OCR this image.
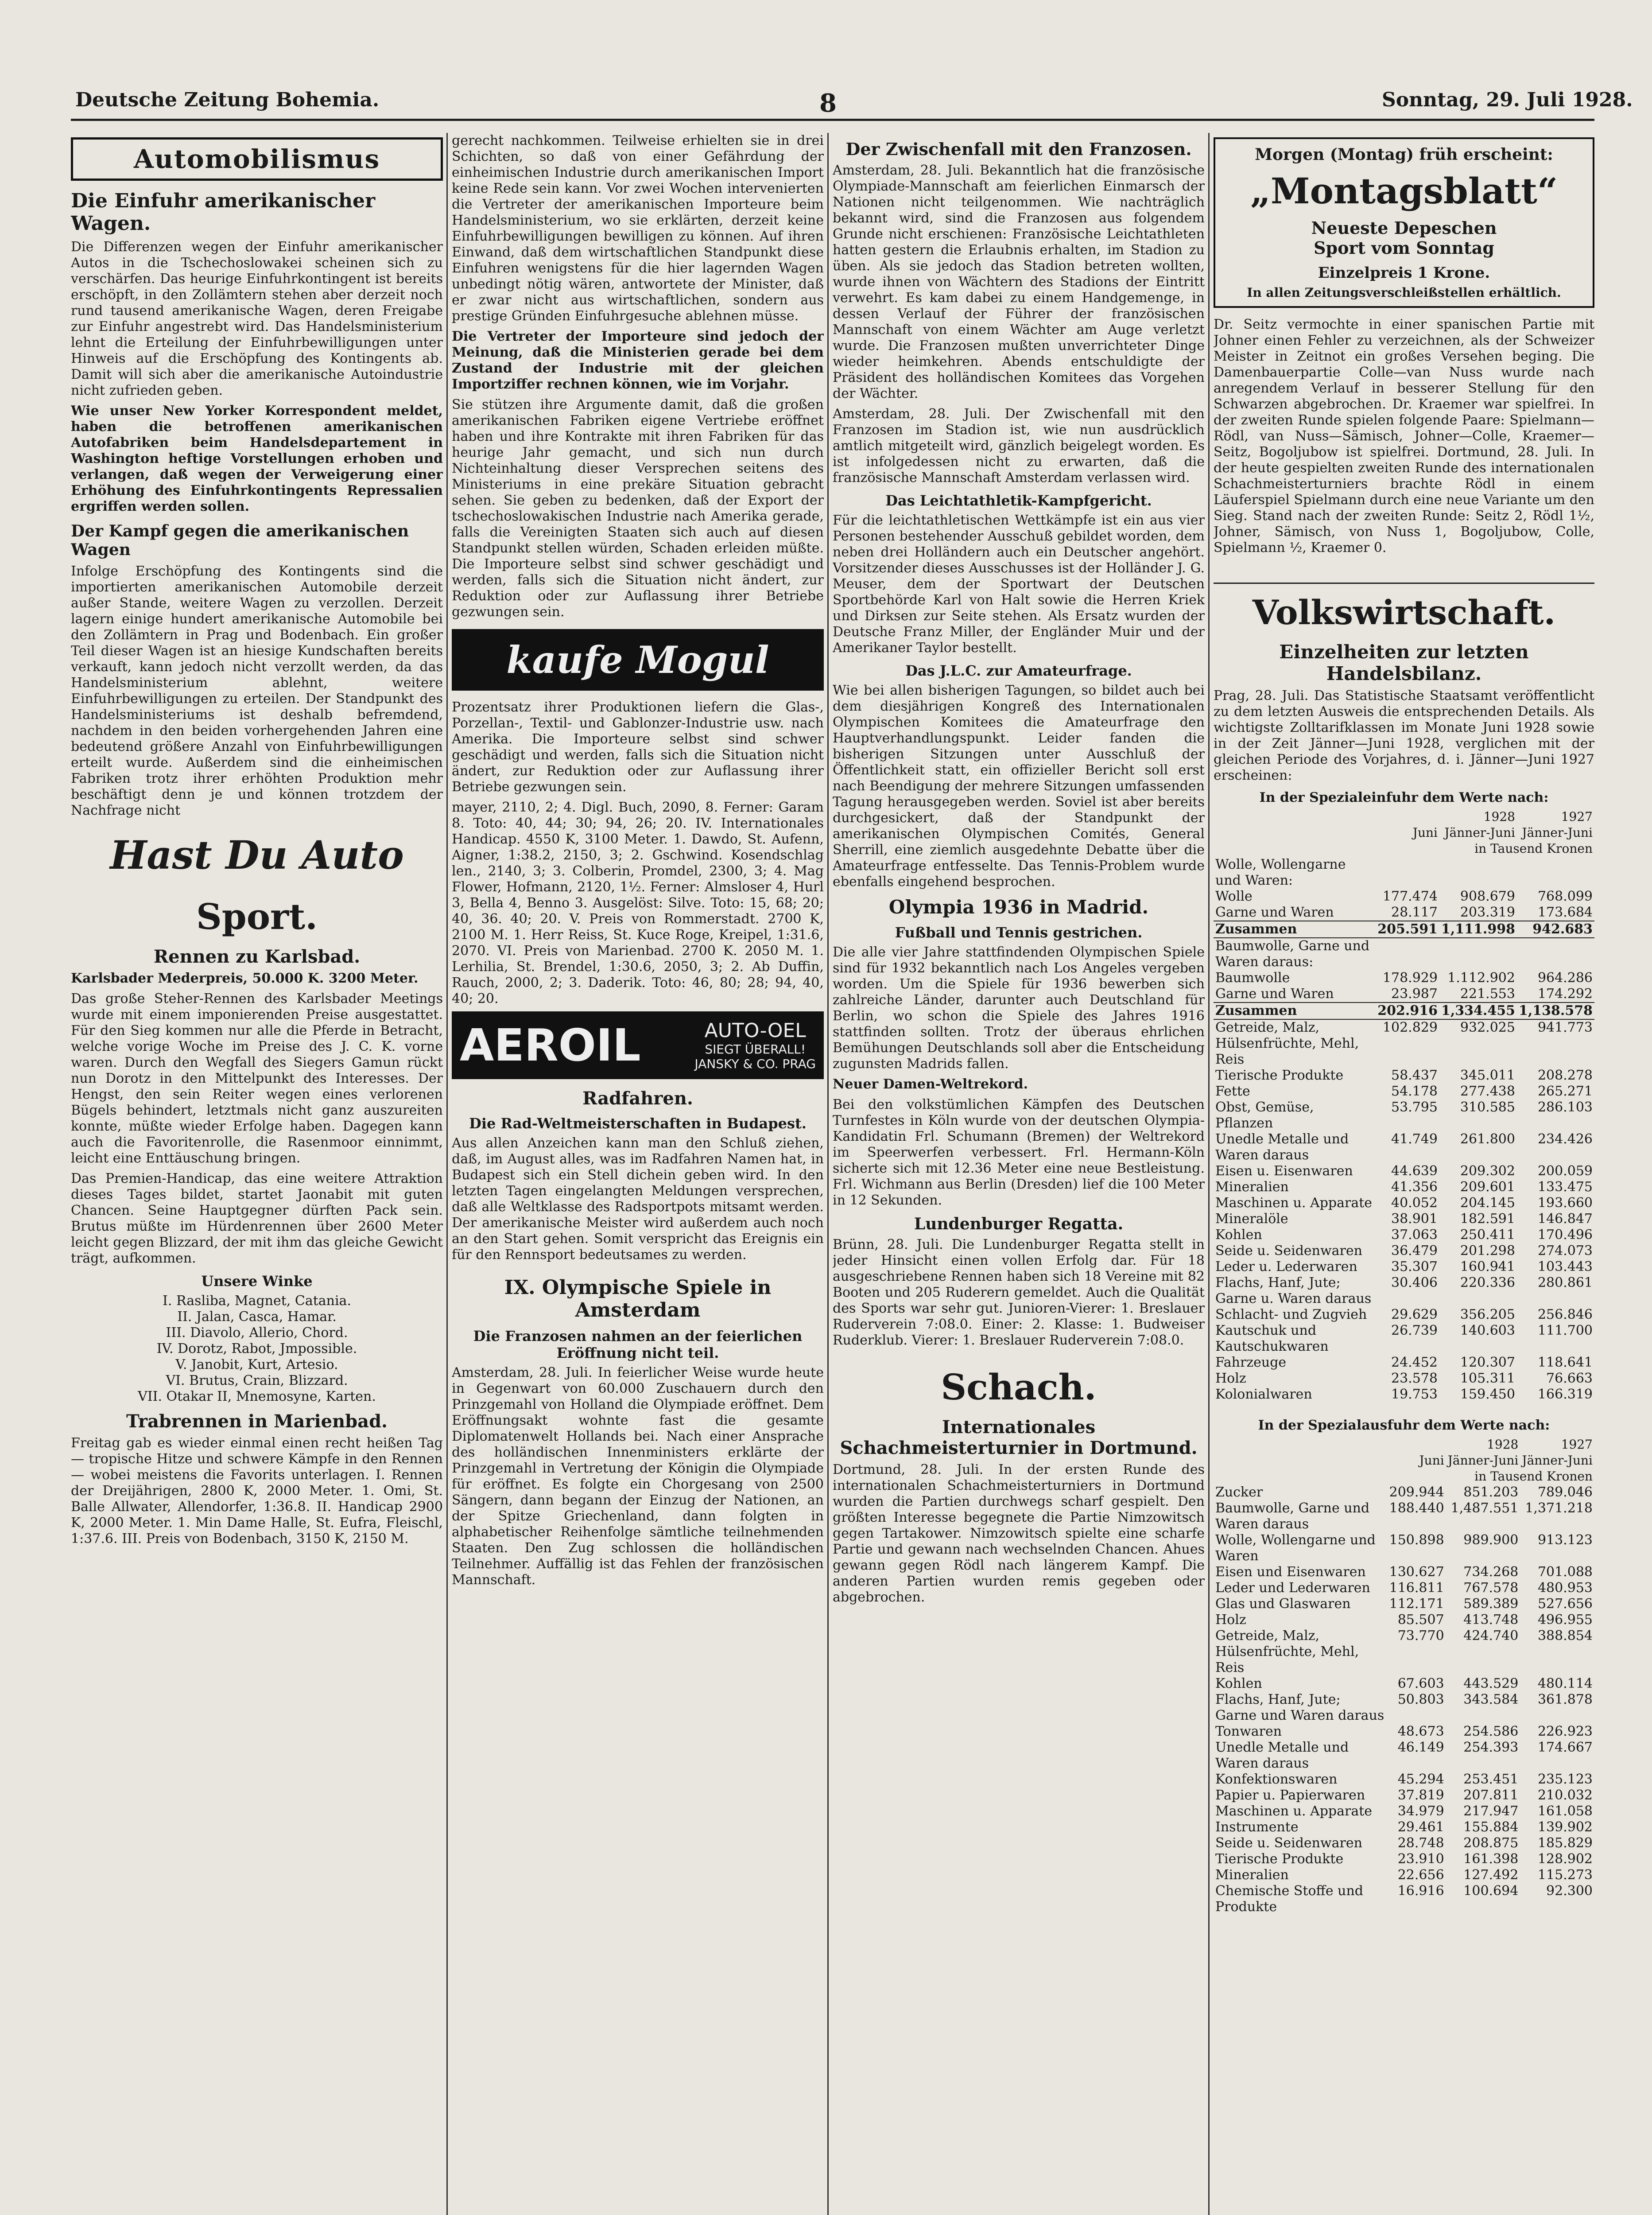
Deutsche Zeitung Bohemia.	8	Sonntag, 29. Juli 1928.
Automobilismus
Die Einfuhr amerikanischer Wagen.

Die Differenzen wegen der Einfuhr amerikanischer Autos in die Tschechoslowakei scheinen sich zu verschärfen. Das heurige Einfuhrkontingent ist bereits erschöpft, in den Zollämtern stehen aber derzeit noch rund tausend amerikanische Wagen, deren Freigabe zur Einfuhr angestrebt wird. Das Handelsministerium lehnt die Erteilung der Einfuhrbewilligungen unter Hinweis auf die Erschöpfung des Kontingents ab. Damit will sich aber die amerikanische Autoindustrie nicht zufrieden geben.

Wie unser New Yorker Korrespondent meldet, haben die betroffenen amerikanischen Autofabriken beim Handelsdepartement in Washington heftige Vorstellungen erhoben und verlangen, daß wegen der Verweigerung einer Erhöhung des Einfuhrkontingents Repressalien ergriffen werden sollen.

Der Kampf gegen die amerikanischen Wagen

Infolge Erschöpfung des Kontingents sind die importierten amerikanischen Automobile derzeit außer Stande, weitere Wagen zu verzollen. Derzeit lagern einige hundert amerikanische Automobile bei den Zollämtern in Prag und Bodenbach. Ein großer Teil dieser Wagen ist an hiesige Kundschaften bereits verkauft, kann jedoch nicht verzollt werden, da das Handelsministerium ablehnt, weitere Einfuhrbewilligungen zu erteilen. Der Standpunkt des Handelsministeriums ist deshalb befremdend, nachdem in den beiden vorhergehenden Jahren eine bedeutend größere Anzahl von Einfuhrbewilligungen erteilt wurde. Außerdem sind die einheimischen Fabriken trotz ihrer erhöhten Produktion mehr beschäftigt denn je und können trotzdem der Nachfrage nicht

Hast Du Auto
Sport.
Rennen zu Karlsbad.

Karlsbader Mederpreis, 50.000 K. 3200 Meter.

Das große Steher-Rennen des Karlsbader Meetings wurde mit einem imponierenden Preise ausgestattet. Für den Sieg kommen nur alle die Pferde in Betracht, welche vorige Woche im Preise des J. C. K. vorne waren. Durch den Wegfall des Siegers Gamun rückt nun Dorotz in den Mittelpunkt des Interesses. Der Hengst, den sein Reiter wegen eines verlorenen Bügels behindert, letztmals nicht ganz auszureiten konnte, müßte wieder Erfolge haben. Dagegen kann auch die Favoritenrolle, die Rasenmoor einnimmt, leicht eine Enttäuschung bringen.

Das Premien-Handicap, das eine weitere Attraktion dieses Tages bildet, startet Jaonabit mit guten Chancen. Seine Hauptgegner dürften Pack sein. Brutus müßte im Hürdenrennen über 2600 Meter leicht gegen Blizzard, der mit ihm das gleiche Gewicht trägt, aufkommen.

Unsere Winke
I. Rasliba, Magnet, Catania.
II. Jalan, Casca, Hamar.
III. Diavolo, Allerio, Chord.
IV. Dorotz, Rabot, Jmpossible.
V. Janobit, Kurt, Artesio.
VI. Brutus, Crain, Blizzard.
VII. Otakar II, Mnemosyne, Karten.
Trabrennen in Marienbad.

Freitag gab es wieder einmal einen recht heißen Tag — tropische Hitze und schwere Kämpfe in den Rennen — wobei meistens die Favorits unterlagen. I. Rennen der Dreijährigen, 2800 K, 2000 Meter. 1. Omi, St. Balle Allwater, Allendorfer, 1:36.8. II. Handicap 2900 K, 2000 Meter. 1. Min Dame Halle, St. Eufra, Fleischl, 1:37.6. III. Preis von Bodenbach, 3150 K, 2150 M.

gerecht nachkommen. Teilweise erhielten sie in drei Schichten, so daß von einer Gefährdung der einheimischen Industrie durch amerikanischen Import keine Rede sein kann. Vor zwei Wochen intervenierten die Vertreter der amerikanischen Importeure beim Handelsministerium, wo sie erklärten, derzeit keine Einfuhrbewilligungen bewilligen zu können. Auf ihren Einwand, daß dem wirtschaftlichen Standpunkt diese Einfuhren wenigstens für die hier lagernden Wagen unbedingt nötig wären, antwortete der Minister, daß er zwar nicht aus wirtschaftlichen, sondern aus prestige Gründen Einfuhrgesuche ablehnen müsse.

Die Vertreter der Importeure sind jedoch der Meinung, daß die Ministerien gerade bei dem Zustand der Industrie mit der gleichen Importziffer rechnen können, wie im Vorjahr.

Sie stützen ihre Argumente damit, daß die großen amerikanischen Fabriken eigene Vertriebe eröffnet haben und ihre Kontrakte mit ihren Fabriken für das heurige Jahr gemacht, und sich nun durch Nichteinhaltung dieser Versprechen seitens des Ministeriums in eine prekäre Situation gebracht sehen. Sie geben zu bedenken, daß der Export der tschechoslowakischen Industrie nach Amerika gerade, falls die Vereinigten Staaten sich auch auf diesen Standpunkt stellen würden, Schaden erleiden müßte. Die Importeure selbst sind schwer geschädigt und werden, falls sich die Situation nicht ändert, zur Reduktion oder zur Auflassung ihrer Betriebe gezwungen sein.

kaufe Mogul

Prozentsatz ihrer Produktionen liefern die Glas-, Porzellan-, Textil- und Gablonzer-Industrie usw. nach Amerika. Die Importeure selbst sind schwer geschädigt und werden, falls sich die Situation nicht ändert, zur Reduktion oder zur Auflassung ihrer Betriebe gezwungen sein.

mayer, 2110, 2; 4. Digl. Buch, 2090, 8. Ferner: Garam 8. Toto: 40, 44; 30; 94, 26; 20. IV. Internationales Handicap. 4550 K, 3100 Meter. 1. Dawdo, St. Aufenn, Aigner, 1:38.2, 2150, 3; 2. Gschwind. Kosendschlag len., 2140, 3; 3. Colberin, Promdel, 2300, 3; 4. Mag Flower, Hofmann, 2120, 1½. Ferner: Almsloser 4, Hurl 3, Bella 4, Benno 3. Ausgelöst: Silve. Toto: 15, 68; 20; 40, 36. 40; 20. V. Preis von Rommerstadt. 2700 K, 2100 M. 1. Herr Reiss, St. Kuce Roge, Kreipel, 1:31.6, 2070. VI. Preis von Marienbad. 2700 K. 2050 M. 1. Lerhilia, St. Brendel, 1:30.6, 2050, 3; 2. Ab Duffin, Rauch, 2000, 2; 3. Daderik. Toto: 46, 80; 28; 94, 40, 40; 20.

AEROIL	AUTO-OEL
SIEGT ÜBERALL!
JANSKY & CO. PRAG
Radfahren.
Die Rad-Weltmeisterschaften in Budapest.

Aus allen Anzeichen kann man den Schluß ziehen, daß, im August alles, was im Radfahren Namen hat, in Budapest sich ein Stell dichein geben wird. In den letzten Tagen eingelangten Meldungen versprechen, daß alle Weltklasse des Radsportpots mitsamt werden. Der amerikanische Meister wird außerdem auch noch an den Start gehen. Somit verspricht das Ereignis ein für den Rennsport bedeutsames zu werden.

IX. Olympische Spiele in Amsterdam
Die Franzosen nahmen an der feierlichen Eröffnung nicht teil.

Amsterdam, 28. Juli. In feierlicher Weise wurde heute in Gegenwart von 60.000 Zuschauern durch den Prinzgemahl von Holland die Olympiade eröffnet. Dem Eröffnungsakt wohnte fast die gesamte Diplomatenwelt Hollands bei. Nach einer Ansprache des holländischen Innenministers erklärte der Prinzgemahl in Vertretung der Königin die Olympiade für eröffnet. Es folgte ein Chorgesang von 2500 Sängern, dann begann der Einzug der Nationen, an der Spitze Griechenland, dann folgten in alphabetischer Reihenfolge sämtliche teilnehmenden Staaten. Den Zug schlossen die holländischen Teilnehmer. Auffällig ist das Fehlen der französischen Mannschaft.

Der Zwischenfall mit den Franzosen.

Amsterdam, 28. Juli. Bekanntlich hat die französische Olympiade-Mannschaft am feierlichen Einmarsch der Nationen nicht teilgenommen. Wie nachträglich bekannt wird, sind die Franzosen aus folgendem Grunde nicht erschienen: Französische Leichtathleten hatten gestern die Erlaubnis erhalten, im Stadion zu üben. Als sie jedoch das Stadion betreten wollten, wurde ihnen von Wächtern des Stadions der Eintritt verwehrt. Es kam dabei zu einem Handgemenge, in dessen Verlauf der Führer der französischen Mannschaft von einem Wächter am Auge verletzt wurde. Die Franzosen mußten unverrichteter Dinge wieder heimkehren. Abends entschuldigte der Präsident des holländischen Komitees das Vorgehen der Wächter.

Amsterdam, 28. Juli. Der Zwischenfall mit den Franzosen im Stadion ist, wie nun ausdrücklich amtlich mitgeteilt wird, gänzlich beigelegt worden. Es ist infolgedessen nicht zu erwarten, daß die französische Mannschaft Amsterdam verlassen wird.

Das Leichtathletik-Kampfgericht.

Für die leichtathletischen Wettkämpfe ist ein aus vier Personen bestehender Ausschuß gebildet worden, dem neben drei Holländern auch ein Deutscher angehört. Vorsitzender dieses Ausschusses ist der Holländer J. G. Meuser, dem der Sportwart der Deutschen Sportbehörde Karl von Halt sowie die Herren Kriek und Dirksen zur Seite stehen. Als Ersatz wurden der Deutsche Franz Miller, der Engländer Muir und der Amerikaner Taylor bestellt.

Das J.L.C. zur Amateurfrage.

Wie bei allen bisherigen Tagungen, so bildet auch bei dem diesjährigen Kongreß des Internationalen Olympischen Komitees die Amateurfrage den Hauptverhandlungspunkt. Leider fanden die bisherigen Sitzungen unter Ausschluß der Öffentlichkeit statt, ein offizieller Bericht soll erst nach Beendigung der mehrere Sitzungen umfassenden Tagung herausgegeben werden. Soviel ist aber bereits durchgesickert, daß der Standpunkt der amerikanischen Olympischen Comités, General Sherrill, eine ziemlich ausgedehnte Debatte über die Amateurfrage entfesselte. Das Tennis-Problem wurde ebenfalls eingehend besprochen.

Olympia 1936 in Madrid.
Fußball und Tennis gestrichen.

Die alle vier Jahre stattfindenden Olympischen Spiele sind für 1932 bekanntlich nach Los Angeles vergeben worden. Um die Spiele für 1936 bewerben sich zahlreiche Länder, darunter auch Deutschland für Berlin, wo schon die Spiele des Jahres 1916 stattfinden sollten. Trotz der überaus ehrlichen Bemühungen Deutschlands soll aber die Entscheidung zugunsten Madrids fallen.

Neuer Damen-Weltrekord.

Bei den volkstümlichen Kämpfen des Deutschen Turnfestes in Köln wurde von der deutschen Olympia-Kandidatin Frl. Schumann (Bremen) der Weltrekord im Speerwerfen verbessert. Frl. Hermann-Köln sicherte sich mit 12.36 Meter eine neue Bestleistung. Frl. Wichmann aus Berlin (Dresden) lief die 100 Meter in 12 Sekunden.

Lundenburger Regatta.

Brünn, 28. Juli. Die Lundenburger Regatta stellt in jeder Hinsicht einen vollen Erfolg dar. Für 18 ausgeschriebene Rennen haben sich 18 Vereine mit 82 Booten und 205 Ruderern gemeldet. Auch die Qualität des Sports war sehr gut. Junioren-Vierer: 1. Breslauer Ruderverein 7:08.0. Einer: 2. Klasse: 1. Budweiser Ruderklub. Vierer: 1. Breslauer Ruderverein 7:08.0.

Schach.
Internationales Schachmeisterturnier in Dortmund.

Dortmund, 28. Juli. In der ersten Runde des internationalen Schachmeisterturniers in Dortmund wurden die Partien durchwegs scharf gespielt. Den größten Interesse begegnete die Partie Nimzowitsch gegen Tartakower. Nimzowitsch spielte eine scharfe Partie und gewann nach wechselnden Chancen. Ahues gewann gegen Rödl nach längerem Kampf. Die anderen Partien wurden remis gegeben oder abgebrochen.

Morgen (Montag) früh erscheint:
„Montagsblatt“
Neueste Depeschen
Sport vom Sonntag
Einzelpreis 1 Krone.
In allen Zeitungsverschleißstellen erhältlich.

Dr. Seitz vermochte in einer spanischen Partie mit Johner einen Fehler zu verzeichnen, als der Schweizer Meister in Zeitnot ein großes Versehen beging. Die Damenbauerpartie Colle—van Nuss wurde nach anregendem Verlauf in besserer Stellung für den Schwarzen abgebrochen. Dr. Kraemer war spielfrei. In der zweiten Runde spielen folgende Paare: Spielmann—Rödl, van Nuss—Sämisch, Johner—Colle, Kraemer—Seitz, Bogoljubow ist spielfrei. Dortmund, 28. Juli. In der heute gespielten zweiten Runde des internationalen Schachmeisterturniers brachte Rödl in einem Läuferspiel Spielmann durch eine neue Variante um den Sieg. Stand nach der zweiten Runde: Seitz 2, Rödl 1½, Johner, Sämisch, von Nuss 1, Bogoljubow, Colle, Spielmann ½, Kraemer 0.

Volkswirtschaft.
Einzelheiten zur letzten Handelsbilanz.

Prag, 28. Juli. Das Statistische Staatsamt veröffentlicht zu dem letzten Ausweis die entsprechenden Details. Als wichtigste Zolltarifklassen im Monate Juni 1928 sowie in der Zeit Jänner—Juni 1928, verglichen mit der gleichen Periode des Vorjahres, d. i. Jänner—Juni 1927 erscheinen:

In der Spezialeinfuhr dem Werte nach:
	1928		1927
	Juni	Jänner-Juni	Jänner-Juni
in Tausend Kronen			
Wolle, Wollengarne und Waren:			
Wolle	177.474	908.679	768.099
Garne und Waren	28.117	203.319	173.684
Zusammen	205.591	1,111.998	942.683
Baumwolle, Garne und Waren daraus:			
Baumwolle	178.929	1.112.902	964.286
Garne und Waren	23.987	221.553	174.292
Zusammen	202.916	1,334.455	1,138.578
Getreide, Malz, Hülsenfrüchte, Mehl, Reis	102.829	932.025	941.773
Tierische Produkte	58.437	345.011	208.278
Fette	54.178	277.438	265.271
Obst, Gemüse, Pflanzen	53.795	310.585	286.103
Unedle Metalle und Waren daraus	41.749	261.800	234.426
Eisen u. Eisenwaren	44.639	209.302	200.059
Mineralien	41.356	209.601	133.475
Maschinen u. Apparate	40.052	204.145	193.660
Mineralöle	38.901	182.591	146.847
Kohlen	37.063	250.411	170.496
Seide u. Seidenwaren	36.479	201.298	274.073
Leder u. Lederwaren	35.307	160.941	103.443
Flachs, Hanf, Jute; Garne u. Waren daraus	30.406	220.336	280.861
Schlacht- und Zugvieh	29.629	356.205	256.846
Kautschuk und Kautschukwaren	26.739	140.603	111.700
Fahrzeuge	24.452	120.307	118.641
Holz	23.578	105.311	76.663
Kolonialwaren	19.753	159.450	166.319
In der Spezialausfuhr dem Werte nach:
	1928		1927
	Juni	Jänner-Juni	Jänner-Juni
in Tausend Kronen			
Zucker	209.944	851.203	789.046
Baumwolle, Garne und Waren daraus	188.440	1,487.551	1,371.218
Wolle, Wollengarne und Waren	150.898	989.900	913.123
Eisen und Eisenwaren	130.627	734.268	701.088
Leder und Lederwaren	116.811	767.578	480.953
Glas und Glaswaren	112.171	589.389	527.656
Holz	85.507	413.748	496.955
Getreide, Malz, Hülsenfrüchte, Mehl, Reis	73.770	424.740	388.854
Kohlen	67.603	443.529	480.114
Flachs, Hanf, Jute; Garne und Waren daraus	50.803	343.584	361.878
Tonwaren	48.673	254.586	226.923
Unedle Metalle und Waren daraus	46.149	254.393	174.667
Konfektionswaren	45.294	253.451	235.123
Papier u. Papierwaren	37.819	207.811	210.032
Maschinen u. Apparate	34.979	217.947	161.058
Instrumente	29.461	155.884	139.902
Seide u. Seidenwaren	28.748	208.875	185.829
Tierische Produkte	23.910	161.398	128.902
Mineralien	22.656	127.492	115.273
Chemische Stoffe und Produkte	16.916	100.694	92.300
